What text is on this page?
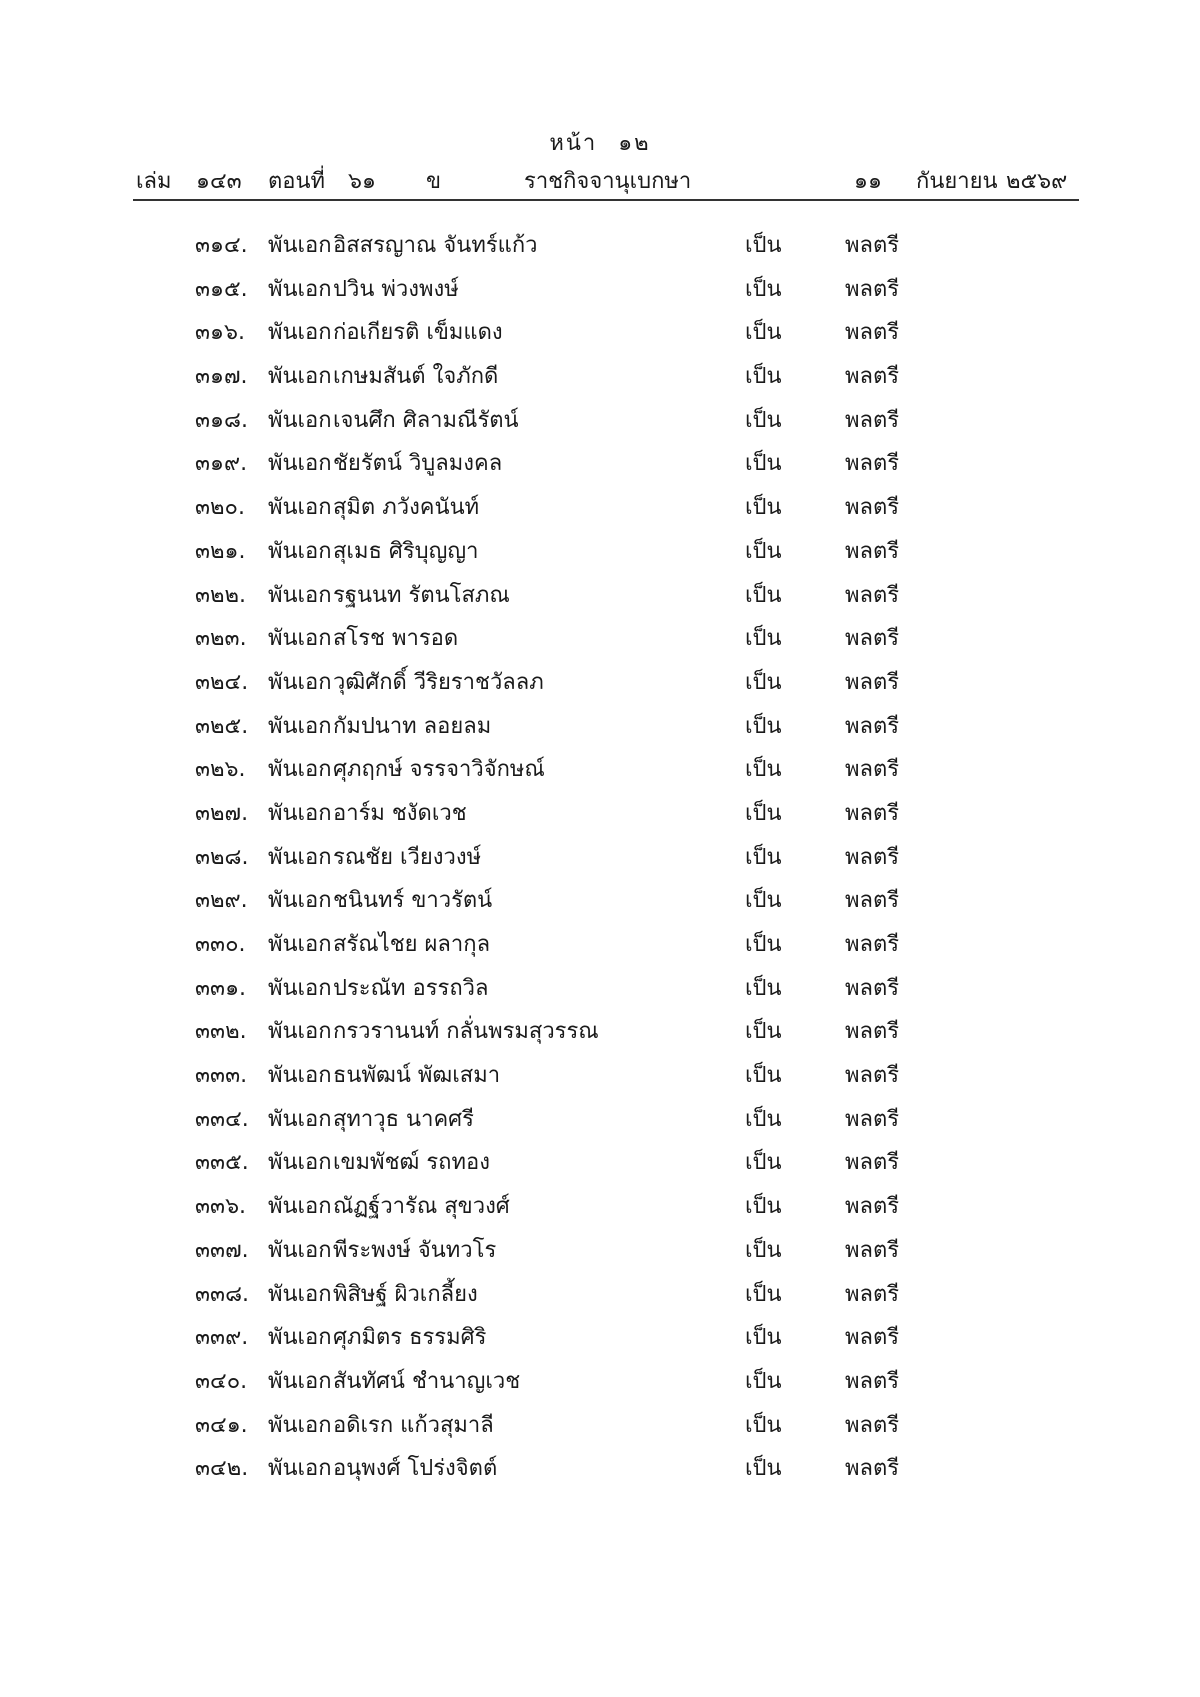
หน้า ๑๒
เล่ม ๑๔๓ ตอนที่ ๖๑ ข	ราชกิจจานุเบกษา	๑๑ กันยายน ๒๕๖๙
๓๑๔. พันเอก อิสสรญาณ จันทร์แก้ว	เป็น	พลตรี
๓๑๕. พันเอก ปวิน พ่วงพงษ์	เป็น	พลตรี
๓๑๖. พันเอก ก่อเกียรติ เข็มแดง	เป็น	พลตรี
๓๑๗. พันเอก เกษมสันต์ ใจภักดี	เป็น	พลตรี
๓๑๘. พันเอก เจนศึก ศิลามณีรัตน์	เป็น	พลตรี
๓๑๙. พันเอก ชัยรัตน์ วิบูลมงคล	เป็น	พลตรี
๓๒๐. พันเอก สุมิต ภวังคนันท์	เป็น	พลตรี
๓๒๑. พันเอก สุเมธ ศิริบุญญา	เป็น	พลตรี
๓๒๒. พันเอก รฐนนท รัตนโสภณ	เป็น	พลตรี
๓๒๓. พันเอก สโรช พารอด	เป็น	พลตรี
๓๒๔. พันเอก วุฒิศักดิ์ วีริยราชวัลลภ	เป็น	พลตรี
๓๒๕. พันเอก กัมปนาท ลอยลม	เป็น	พลตรี
๓๒๖. พันเอก ศุภฤกษ์ จรรจาวิจักษณ์	เป็น	พลตรี
๓๒๗. พันเอก อาร์ม ชงัดเวช	เป็น	พลตรี
๓๒๘. พันเอก รณชัย เวียงวงษ์	เป็น	พลตรี
๓๒๙. พันเอก ชนินทร์ ขาวรัตน์	เป็น	พลตรี
๓๓๐. พันเอก สรัณไชย ผลากุล	เป็น	พลตรี
๓๓๑. พันเอก ประณัท อรรถวิล	เป็น	พลตรี
๓๓๒. พันเอก กรวรานนท์ กลั่นพรมสุวรรณ	เป็น	พลตรี
๓๓๓. พันเอก ธนพัฒน์ พัฒเสมา	เป็น	พลตรี
๓๓๔. พันเอก สุทาวุธ นาคศรี	เป็น	พลตรี
๓๓๕. พันเอก เขมพัชฒ์ รถทอง	เป็น	พลตรี
๓๓๖. พันเอก ณัฏฐ์วารัณ สุขวงศ์	เป็น	พลตรี
๓๓๗. พันเอก พีระพงษ์ จันทวโร	เป็น	พลตรี
๓๓๘. พันเอก พิสิษฐ์ ผิวเกลี้ยง	เป็น	พลตรี
๓๓๙. พันเอก ศุภมิตร ธรรมศิริ	เป็น	พลตรี
๓๔๐. พันเอก สันทัศน์ ชำนาญเวช	เป็น	พลตรี
๓๔๑. พันเอก อดิเรก แก้วสุมาลี	เป็น	พลตรี
๓๔๒. พันเอก อนุพงศ์ โปร่งจิตต์	เป็น	พลตรี
